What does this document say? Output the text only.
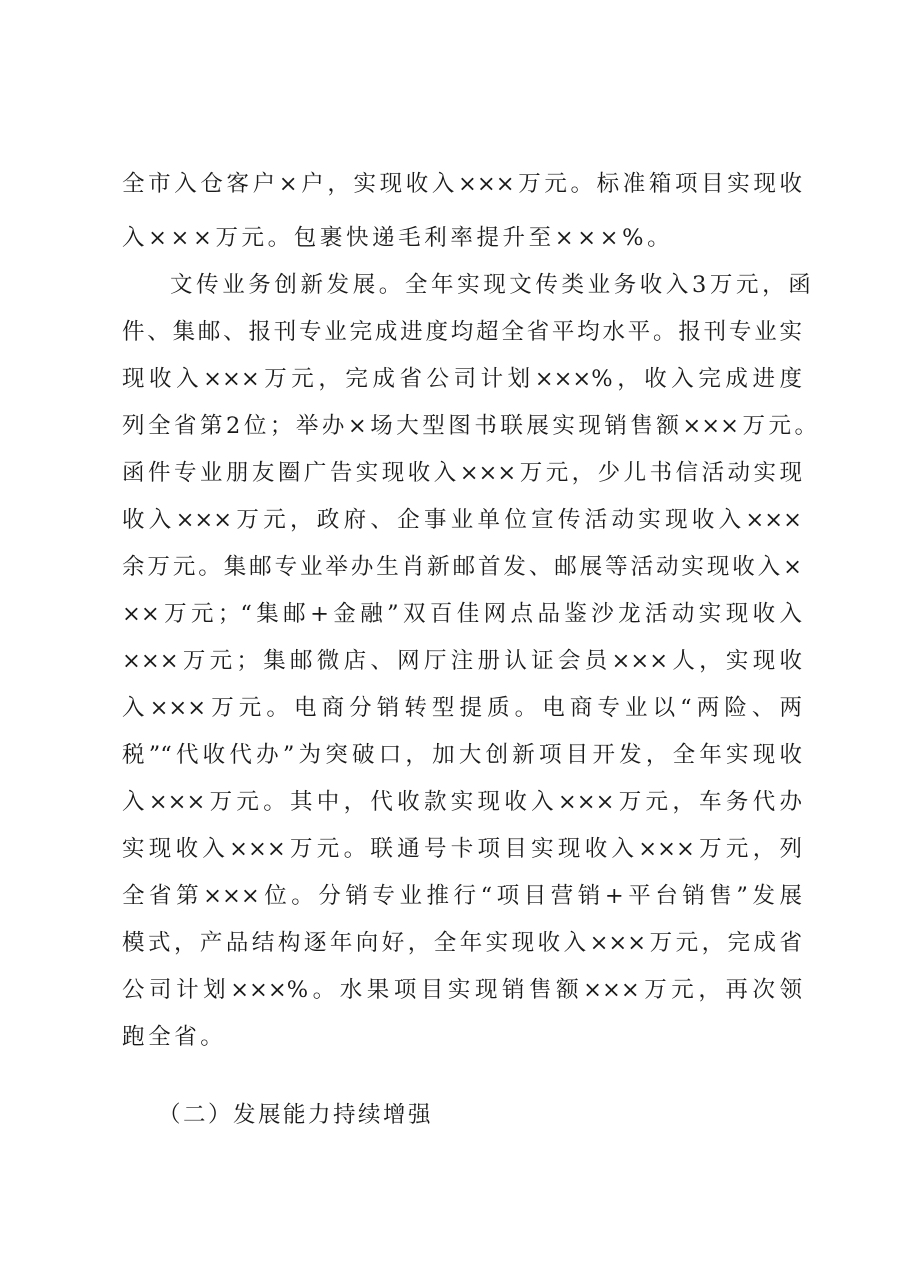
全市入仓客户×户，实现收入×××万元。标准箱项目实现收
入×××万元。包裹快递毛利率提升至×××%。
文传业务创新发展。全年实现文传类业务收入3万元，函
件、集邮、报刊专业完成进度均超全省平均水平。报刊专业实
现收入×××万元，完成省公司计划×××%，收入完成进度
列全省第2位；举办×场大型图书联展实现销售额×××万元。
函件专业朋友圈广告实现收入×××万元，少儿书信活动实现
收入×××万元，政府、企事业单位宣传活动实现收入×××
余万元。集邮专业举办生肖新邮首发、邮展等活动实现收入×
××万元；“集邮+金融”双百佳网点品鉴沙龙活动实现收入
×××万元；集邮微店、网厅注册认证会员×××人，实现收
入×××万元。电商分销转型提质。电商专业以“两险、两
税”“代收代办”为突破口，加大创新项目开发，全年实现收
入×××万元。其中，代收款实现收入×××万元，车务代办
实现收入×××万元。联通号卡项目实现收入×××万元，列
全省第×××位。分销专业推行“项目营销+平台销售”发展
模式，产品结构逐年向好，全年实现收入×××万元，完成省
公司计划×××%。水果项目实现销售额×××万元，再次领
跑全省。
（二）发展能力持续增强
